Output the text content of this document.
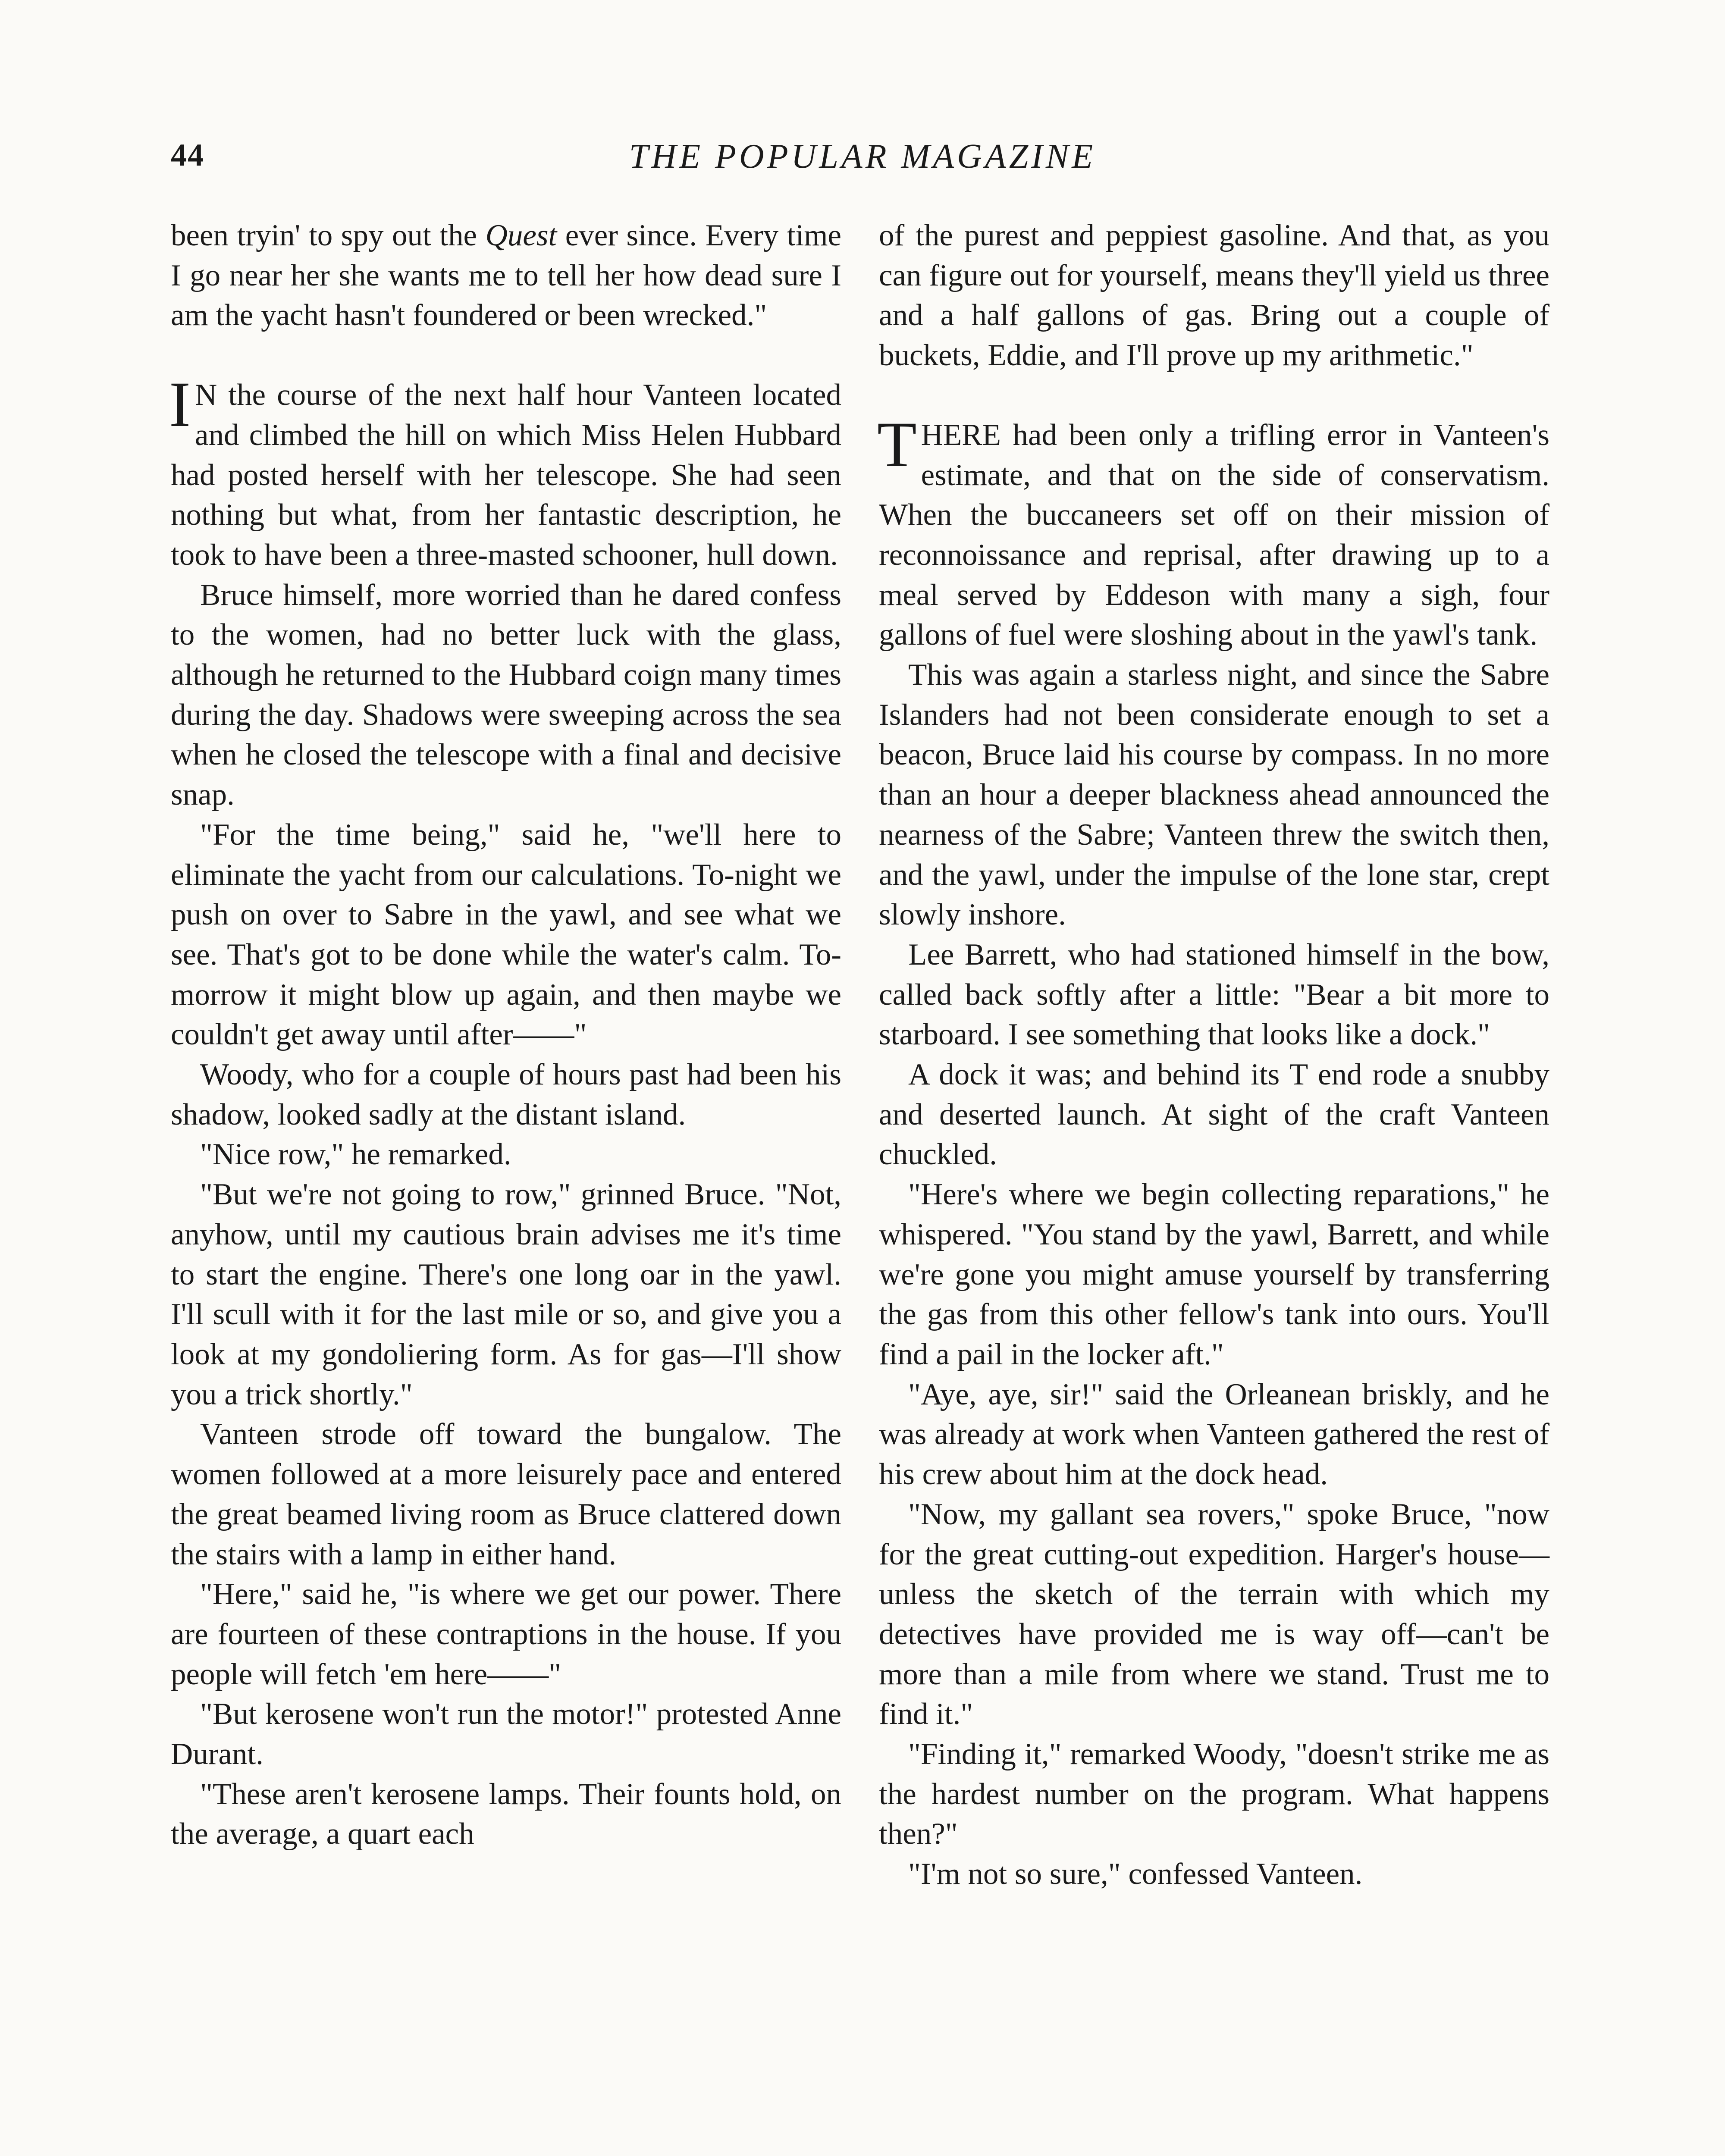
44	THE POPULAR MAGAZINE

been tryin' to spy out the Quest ever since. Every time I go near her she wants me to tell her how dead sure I am the yacht hasn't foundered or been wrecked."

I N the course of the next half hour Vanteen located and climbed the hill on which Miss Helen Hubbard had posted herself with her telescope. She had seen nothing but what, from her fantastic description, he took to have been a three-masted schooner, hull down.

Bruce himself, more worried than he dared confess to the women, had no better luck with the glass, although he returned to the Hubbard coign many times during the day. Shadows were sweeping across the sea when he closed the telescope with a final and decisive snap.

"For the time being," said he, "we'll here to eliminate the yacht from our calculations. To-night we push on over to Sabre in the yawl, and see what we see. That's got to be done while the water's calm. To-morrow it might blow up again, and then maybe we couldn't get away until after——"

Woody, who for a couple of hours past had been his shadow, looked sadly at the distant island.

"Nice row," he remarked.

"But we're not going to row," grinned Bruce. "Not, anyhow, until my cautious brain advises me it's time to start the engine. There's one long oar in the yawl. I'll scull with it for the last mile or so, and give you a look at my gondoliering form. As for gas—I'll show you a trick shortly."

Vanteen strode off toward the bungalow. The women followed at a more leisurely pace and entered the great beamed living room as Bruce clattered down the stairs with a lamp in either hand.

"Here," said he, "is where we get our power. There are fourteen of these contraptions in the house. If you people will fetch 'em here——"

"But kerosene won't run the motor!" protested Anne Durant.

"These aren't kerosene lamps. Their founts hold, on the average, a quart each

of the purest and peppiest gasoline. And that, as you can figure out for yourself, means they'll yield us three and a half gallons of gas. Bring out a couple of buckets, Eddie, and I'll prove up my arithmetic."

THERE had been only a trifling error in Vanteen's estimate, and that on the side of conservatism. When the buccaneers set off on their mission of reconnoissance and reprisal, after drawing up to a meal served by Eddeson with many a sigh, four gallons of fuel were sloshing about in the yawl's tank.

This was again a starless night, and since the Sabre Islanders had not been considerate enough to set a beacon, Bruce laid his course by compass. In no more than an hour a deeper blackness ahead announced the nearness of the Sabre; Vanteen threw the switch then, and the yawl, under the impulse of the lone star, crept slowly inshore.

Lee Barrett, who had stationed himself in the bow, called back softly after a little: "Bear a bit more to starboard. I see something that looks like a dock."

A dock it was; and behind its T end rode a snubby and deserted launch. At sight of the craft Vanteen chuckled.

"Here's where we begin collecting reparations," he whispered. "You stand by the yawl, Barrett, and while we're gone you might amuse yourself by transferring the gas from this other fellow's tank into ours. You'll find a pail in the locker aft."

"Aye, aye, sir!" said the Orleanean briskly, and he was already at work when Vanteen gathered the rest of his crew about him at the dock head.

"Now, my gallant sea rovers," spoke Bruce, "now for the great cutting-out expedition. Harger's house—unless the sketch of the terrain with which my detectives have provided me is way off—can't be more than a mile from where we stand. Trust me to find it."

"Finding it," remarked Woody, "doesn't strike me as the hardest number on the program. What happens then?"

"I'm not so sure," confessed Vanteen.
